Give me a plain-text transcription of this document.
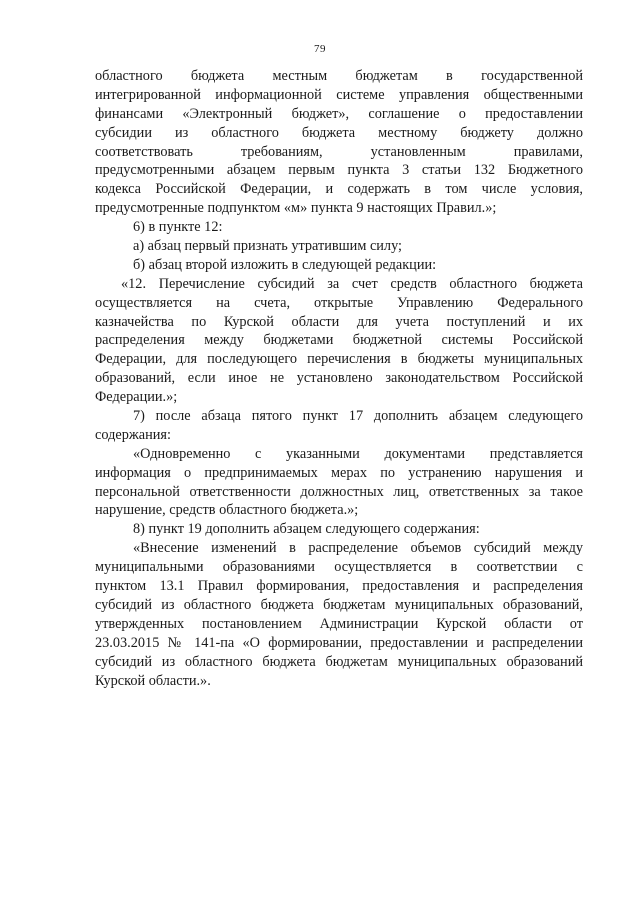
79
областного бюджета местным бюджетам в государственной
интегрированной информационной системе управления общественными
финансами «Электронный бюджет», соглашение о предоставлении
субсидии из областного бюджета местному бюджету должно
соответствовать требованиям, установленным правилами,
предусмотренными абзацем первым пункта 3 статьи 132 Бюджетного
кодекса Российской Федерации, и содержать в том числе условия,
предусмотренные подпунктом «м» пункта 9 настоящих Правил.»;
6) в пункте 12:
а) абзац первый признать утратившим силу;
б) абзац второй изложить в следующей редакции:
«12. Перечисление субсидий за счет средств областного бюджета
осуществляется на счета, открытые Управлению Федерального
казначейства по Курской области для учета поступлений и их
распределения между бюджетами бюджетной системы Российской
Федерации, для последующего перечисления в бюджеты муниципальных
образований, если иное не установлено законодательством Российской
Федерации.»;
7) после абзаца пятого пункт 17 дополнить абзацем следующего
содержания:
«Одновременно с указанными документами представляется
информация о предпринимаемых мерах по устранению нарушения и
персональной ответственности должностных лиц, ответственных за такое
нарушение, средств областного бюджета.»;
8) пункт 19 дополнить абзацем следующего содержания:
«Внесение изменений в распределение объемов субсидий между
муниципальными образованиями осуществляется в соответствии с
пунктом 13.1 Правил формирования, предоставления и распределения
субсидий из областного бюджета бюджетам муниципальных образований,
утвержденных постановлением Администрации Курской области от
23.03.2015 № 141-па «О формировании, предоставлении и распределении
субсидий из областного бюджета бюджетам муниципальных образований
Курской области.».
